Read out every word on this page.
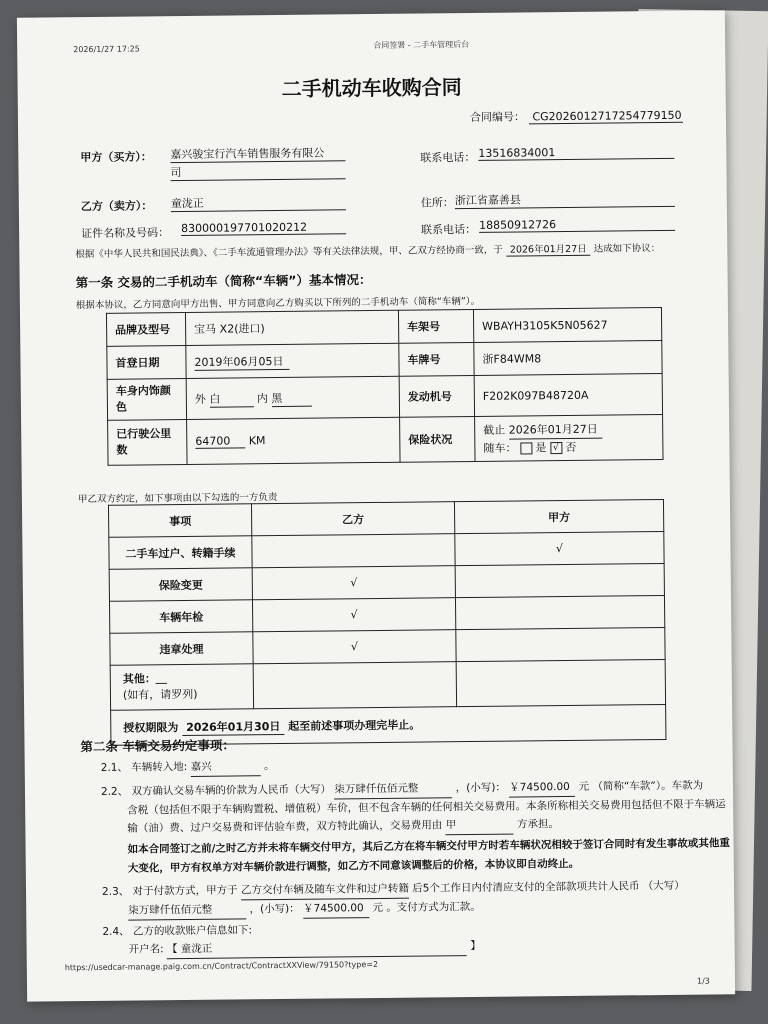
2026/1/27 17:25	合同签署 - 二手车管理后台
二手机动车收购合同
合同编号： CG2026012717254779150
甲方（买方）： 嘉兴骏宝行汽车销售服务有限公
司
联系电话： 13516834001
乙方（卖方）： 童泷正	住所： 浙江省嘉善县
证件名称及号码： 830000197701020212	联系电话： 18850912726
根据《中华人民共和国民法典》、《二手车流通管理办法》等有关法律法规，甲、乙双方经协商一致，于 2026年01月27日 达成如下协议：
第一条 交易的二手机动车（简称“车辆”）基本情况：
根据本协议，乙方同意向甲方出售、甲方同意向乙方购买以下所列的二手机动车（简称“车辆”）。
品牌及型号	宝马 X2(进口)	车架号	WBAYH3105K5N05627
首登日期	2019年06月05日	车牌号	浙F84WM8
车身内饰颜
色	外 白 内 黑	发动机号	F202K097B48720A
已行驶公里
数	64700 KM	保险状况	截止 2026年01月27日
随车： 是 √ 否
甲乙双方约定，如下事项由以下勾选的一方负责
事项	乙方	甲方
二手车过户、转籍手续		√
保险变更	√	
车辆年检	√	
违章处理	√	
其他：＿
(如有，请罗列)		
授权期限为 2026年01月30日 起至前述事项办理完毕止。		
第二条 车辆交易约定事项：
2.1、 车辆转入地: 嘉兴	。
2.2、 双方确认交易车辆的价款为人民币（大写） 柒万肆仟伍佰元整	，(小写)： ￥74500.00 元 （简称“车款”）。车款为
含税（包括但不限于车辆购置税、增值税）车价，但不包含车辆的任何相关交易费用。本条所称相关交易费用包括但不限于车辆运
输（油）费、过户交易费和评估验车费，双方特此确认，交易费用由 甲	方承担。
如本合同签订之前/之时乙方并未将车辆交付甲方，其后乙方在将车辆交付甲方时若车辆状况相较于签订合同时有发生事故或其他重
大变化，甲方有权单方对车辆价款进行调整，如乙方不同意该调整后的价格，本协议即自动终止。
2.3、 对于付款方式，甲方于 乙方交付车辆及随车文件和过户转籍 后5个工作日内付清应支付的全部款项共计人民币 （大写）
柒万肆仟伍佰元整	，(小写)： ￥74500.00 元 。支付方式为汇款。
2.4、 乙方的收款账户信息如下:
开户名: 【 童泷正	】
https://usedcar-manage.paig.com.cn/Contract/ContractXXView/79150?type=2
1/3
